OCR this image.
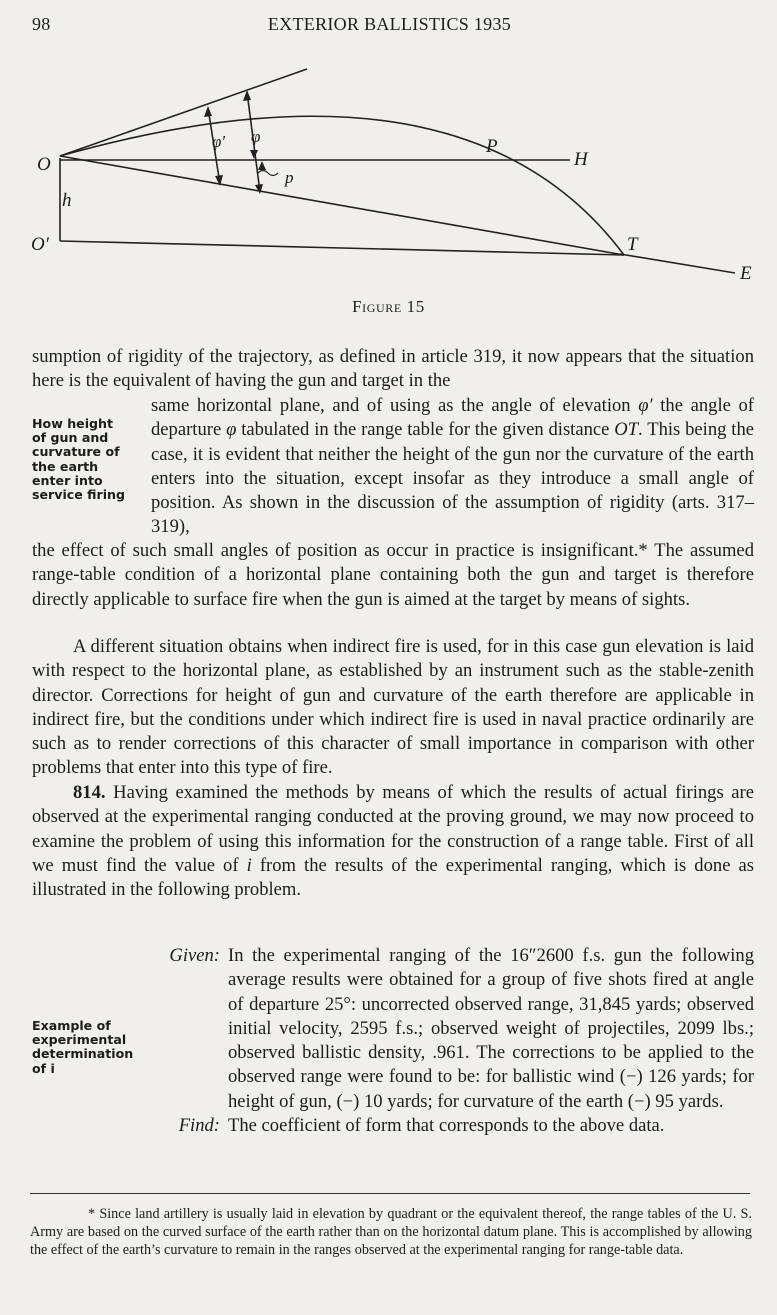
98	EXTERIOR BALLISTICS 1935
O
O′
h
P
H
T
E
φ′ φ
p
Figure 15

sumption of rigidity of the trajectory, as defined in article 319, it now appears that the situation here is the equivalent of having the gun and target in the

same horizontal plane, and of using as the angle of elevation φ′ the angle of departure φ tabulated in the range table for the given distance OT. This being the case, it is evident that neither the height of the gun nor the curvature of the earth enters into the situation, except insofar as they introduce a small angle of position. As shown in the discussion of the assumption of rigidity (arts. 317–319),

How height
of gun and
curvature of
the earth
enter into
service firing

the effect of such small angles of position as occur in practice is insignificant.* The assumed range-table condition of a horizontal plane containing both the gun and target is therefore directly applicable to surface fire when the gun is aimed at the target by means of sights.

A different situation obtains when indirect fire is used, for in this case gun elevation is laid with respect to the horizontal plane, as established by an instrument such as the stable-zenith director. Corrections for height of gun and curvature of the earth therefore are applicable in indirect fire, but the conditions under which indirect fire is used in naval practice ordinarily are such as to render corrections of this character of small importance in comparison with other problems that enter into this type of fire.

814. Having examined the methods by means of which the results of actual firings are observed at the experimental ranging conducted at the proving ground, we may now proceed to examine the problem of using this information for the construction of a range table. First of all we must find the value of i from the results of the experimental ranging, which is done as illustrated in the following problem.

Given: In the experimental ranging of the 16″2600 f.s. gun the following average results were obtained for a group of five shots fired at angle of departure 25°: uncorrected observed range, 31,845 yards; observed initial velocity, 2595 f.s.; observed weight of projectiles, 2099 lbs.; observed ballistic density, .961. The corrections to be applied to the observed range were found to be: for ballistic wind (−) 126 yards; for height of gun, (−) 10 yards; for curvature of the earth (−) 95 yards.
Find: The coefficient of form that corresponds to the above data.
Example of
experimental
determination
of i
* Since land artillery is usually laid in elevation by quadrant or the equivalent thereof, the range tables of the U. S. Army are based on the curved surface of the earth rather than on the horizontal datum plane. This is accomplished by allowing the effect of the earth’s curvature to remain in the ranges observed at the experimental ranging for range-table data.
